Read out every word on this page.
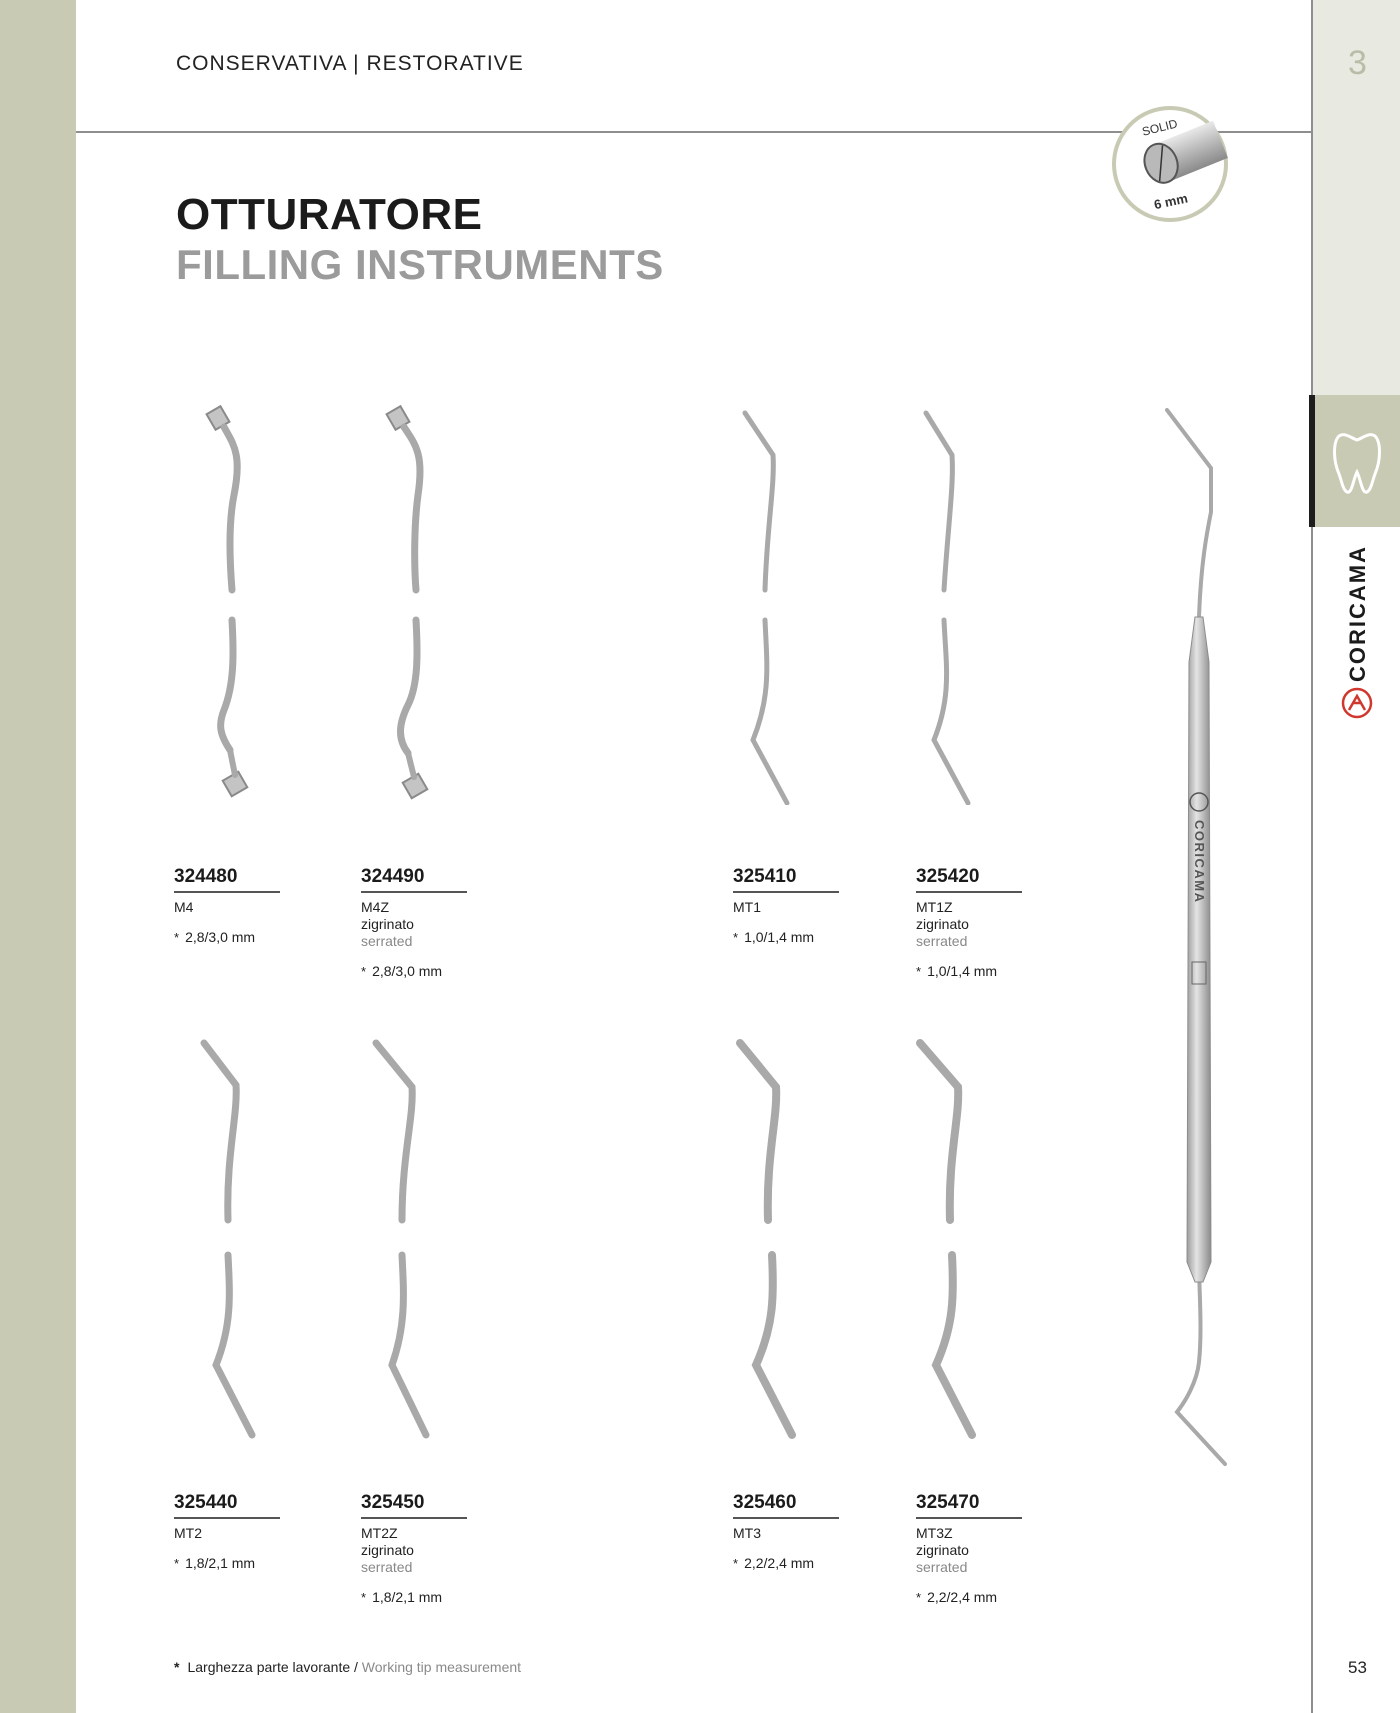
3
CORICAMA
53
CONSERVATIVA | RESTORATIVE
OTTURATORE
FILLING INSTRUMENTS
SOLID
6 mm
CORICAMA
324480
M4
* 2,8/3,0 mm
324490
M4Z
zigrinato
serrated
* 2,8/3,0 mm
325410
MT1
* 1,0/1,4 mm
325420
MT1Z
zigrinato
serrated
* 1,0/1,4 mm
325440
MT2
* 1,8/2,1 mm
325450
MT2Z
zigrinato
serrated
* 1,8/2,1 mm
325460
MT3
* 2,2/2,4 mm
325470
MT3Z
zigrinato
serrated
* 2,2/2,4 mm
* Larghezza parte lavorante / Working tip measurement
